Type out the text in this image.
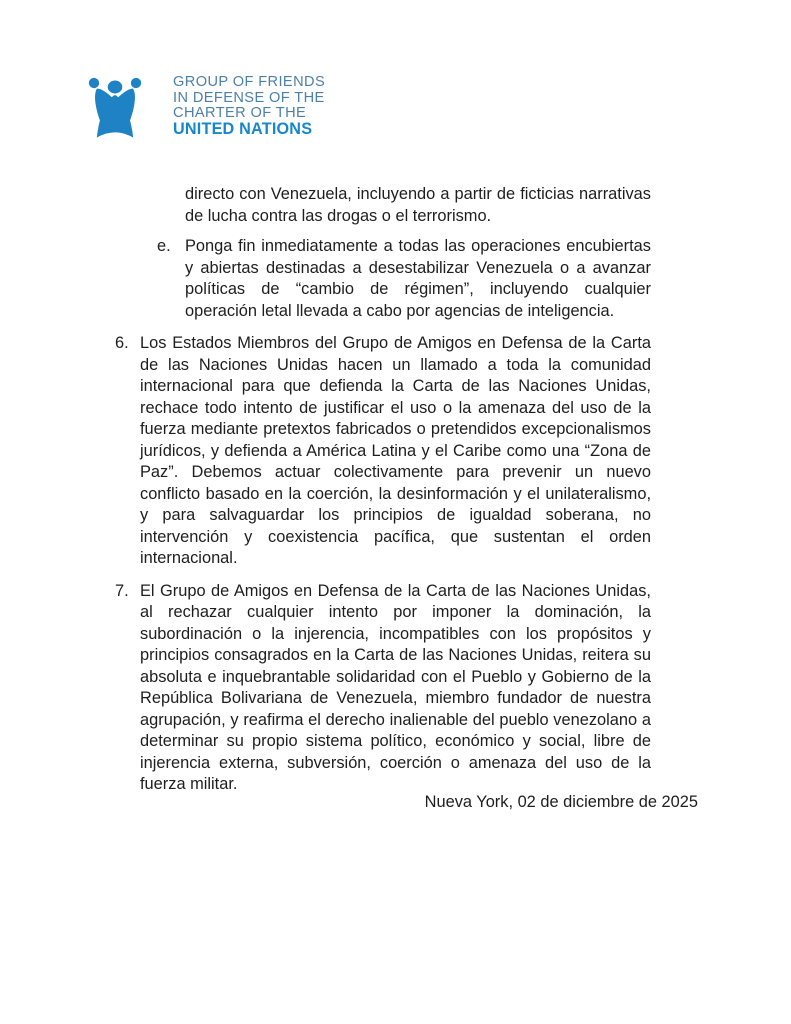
GROUP OF FRIENDS
IN DEFENSE OF THE
CHARTER OF THE
UNITED NATIONS

directo con Venezuela, incluyendo a partir de ficticias narrativas de lucha contra las drogas o el terrorismo.

e. Ponga fin inmediatamente a todas las operaciones encubiertas y abiertas destinadas a desestabilizar Venezuela o a avanzar políticas de “cambio de régimen”, incluyendo cualquier operación letal llevada a cabo por agencias de inteligencia.
6. Los Estados Miembros del Grupo de Amigos en Defensa de la Carta de las Naciones Unidas hacen un llamado a toda la comunidad internacional para que defienda la Carta de las Naciones Unidas, rechace todo intento de justificar el uso o la amenaza del uso de la fuerza mediante pretextos fabricados o pretendidos excepcionalismos jurídicos, y defienda a América Latina y el Caribe como una “Zona de Paz”. Debemos actuar colectivamente para prevenir un nuevo conflicto basado en la coerción, la desinformación y el unilateralismo, y para salvaguardar los principios de igualdad soberana, no intervención y coexistencia pacífica, que sustentan el orden internacional.
7. El Grupo de Amigos en Defensa de la Carta de las Naciones Unidas, al rechazar cualquier intento por imponer la dominación, la subordinación o la injerencia, incompatibles con los propósitos y principios consagrados en la Carta de las Naciones Unidas, reitera su absoluta e inquebrantable solidaridad con el Pueblo y Gobierno de la República Bolivariana de Venezuela, miembro fundador de nuestra agrupación, y reafirma el derecho inalienable del pueblo venezolano a determinar su propio sistema político, económico y social, libre de injerencia externa, subversión, coerción o amenaza del uso de la fuerza militar.
Nueva York, 02 de diciembre de 2025
